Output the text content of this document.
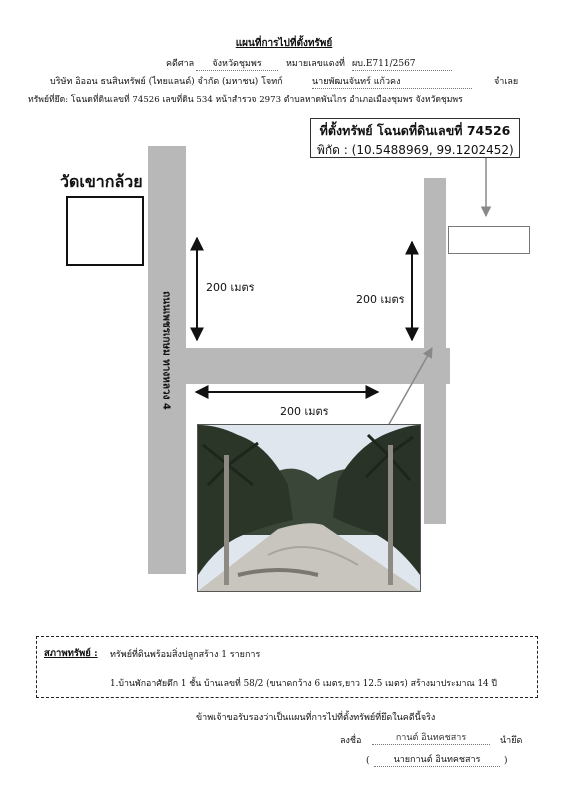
แผนที่การไปที่ตั้งทรัพย์
คดีศาล	จังหวัดชุมพร	หมายเลขแดงที่ ผบ.E711/2567
บริษัท อิออน ธนสินทรัพย์ (ไทยแลนด์) จำกัด (มหาชน) โจทก์	นายพัฒนจันทร์ แก้วคง	จำเลย
ทรัพย์ที่ยึด: โฉนดที่ดินเลขที่ 74526 เลขที่ดิน 534 หน้าสำรวจ 2973 ตำบลหาดพันไกร อำเภอเมืองชุมพร จังหวัดชุมพร
วัดเขากล้วย
ถนนเพชรเกษม ทางหลวง 4
ที่ตั้งทรัพย์ โฉนดที่ดินเลขที่ 74526
พิกัด : (10.5488969, 99.1202452)
200 เมตร
200 เมตร
200 เมตร
สภาพทรัพย์ : ทรัพย์ที่ดินพร้อมสิ่งปลูกสร้าง 1 รายการ
1.บ้านพักอาศัยตึก 1 ชั้น บ้านเลขที่ 58/2 (ขนาดกว้าง 6 เมตร,ยาว 12.5 เมตร) สร้างมาประมาณ 14 ปี
ข้าพเจ้าขอรับรองว่าเป็นแผนที่การไปที่ตั้งทรัพย์ที่ยึดในคดีนี้จริง
ลงชื่อ	กานต์ อินทคชสาร	นำยึด
(	นายกานต์ อินทคชสาร	)
